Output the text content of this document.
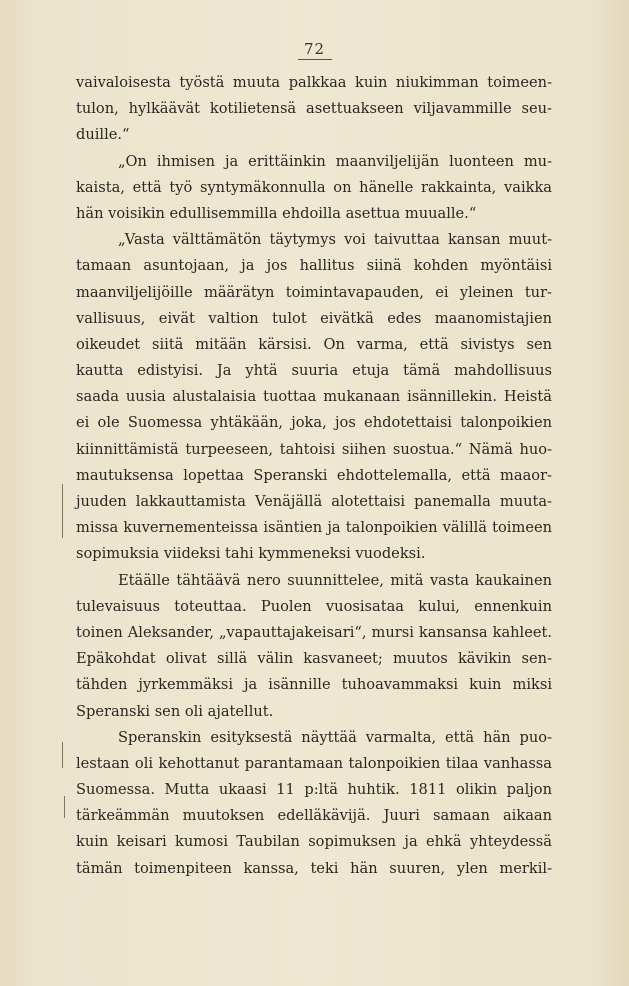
72
vaivaloisesta työstä muuta palkkaa kuin niukimman toimeen-
tulon, hylkäävät kotilietensä asettuakseen viljavammille seu-
duille.“
„On ihmisen ja erittäinkin maanviljelijän luonteen mu-
kaista, että työ syntymäkonnulla on hänelle rakkainta, vaikka
hän voisikin edullisemmilla ehdoilla asettua muualle.“
„Vasta välttämätön täytymys voi taivuttaa kansan muut-
tamaan asuntojaan, ja jos hallitus siinä kohden myöntäisi
maanviljelijöille määrätyn toimintavapauden, ei yleinen tur-
vallisuus, eivät valtion tulot eivätkä edes maanomistajien
oikeudet siitä mitään kärsisi. On varma, että sivistys sen
kautta edistyisi. Ja yhtä suuria etuja tämä mahdollisuus
saada uusia alustalaisia tuottaa mukanaan isännillekin. Heistä
ei ole Suomessa yhtäkään, joka, jos ehdotettaisi talonpoikien
kiinnittämistä turpeeseen, tahtoisi siihen suostua.“ Nämä huo-
mautuksensa lopettaa Speranski ehdottelemalla, että maaor-
juuden lakkauttamista Venäjällä alotettaisi panemalla muuta-
missa kuvernementeissa isäntien ja talonpoikien välillä toimeen
sopimuksia viideksi tahi kymmeneksi vuodeksi.
Etäälle tähtäävä nero suunnittelee, mitä vasta kaukainen
tulevaisuus toteuttaa. Puolen vuosisataa kului, ennenkuin
toinen Aleksander, „vapauttajakeisari“, mursi kansansa kahleet.
Epäkohdat olivat sillä välin kasvaneet; muutos kävikin sen-
tähden jyrkemmäksi ja isännille tuhoavammaksi kuin miksi
Speranski sen oli ajatellut.
Speranskin esityksestä näyttää varmalta, että hän puo-
lestaan oli kehottanut parantamaan talonpoikien tilaa vanhassa
Suomessa. Mutta ukaasi 11 p:ltä huhtik. 1811 olikin paljon
tärkeämmän muutoksen edelläkävijä. Juuri samaan aikaan
kuin keisari kumosi Taubilan sopimuksen ja ehkä yhteydessä
tämän toimenpiteen kanssa, teki hän suuren, ylen merkil-
